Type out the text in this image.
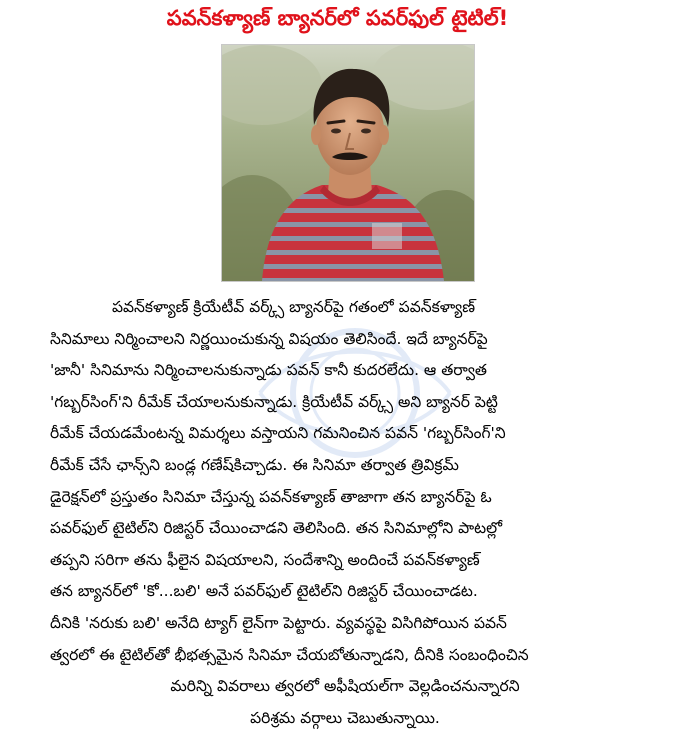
పవన్‌కళ్యాణ్‌ బ్యానర్‌లో పవర్‌ఫుల్‌ టైటిల్‌!
పవన్‌కళ్యాణ్‌ క్రియేటీవ్‌ వర్క్స్‌ బ్యానర్‌పై గతంలో పవన్‌కళ్యాణ్‌
సినిమాలు నిర్మించాలని నిర్ణయించుకున్న విషయం తెలిసిందే. ఇదే బ్యానర్‌పై
'జానీ' సినిమాను నిర్మించాలనుకున్నాడు పవన్‌ కానీ కుదరలేదు. ఆ తర్వాత
'గబ్బర్‌సింగ్‌'ని రీమేక్‌ చేయాలనుకున్నాడు. క్రియేటీవ్‌ వర్క్స్‌ అని బ్యానర్‌ పెట్టి
రీమేక్‌ చేయడమేంటన్న విమర్శలు వస్తాయని గమనించిన పవన్‌ 'గబ్బర్‌సింగ్‌'ని
రీమేక్‌ చేసే ఛాన్స్‌ని బండ్ల గణేష్‌కిచ్చాడు. ఈ సినిమా తర్వాత త్రివిక్రమ్‌
డైరెక్షన్‌లో ప్రస్తుతం సినిమా చేస్తున్న పవన్‌కళ్యాణ్‌ తాజాగా తన బ్యానర్‌పై ఓ
పవర్‌ఫుల్‌ టైటిల్‌ని రిజిస్టర్‌ చేయించాడని తెలిసింది. తన సినిమాల్లోని పాటల్లో
తప్పని సరిగా తను ఫీలైన విషయాలని, సందేశాన్ని అందించే పవన్‌కళ్యాణ్‌
తన బ్యానర్‌లో 'కో...బలి' అనే పవర్‌ఫుల్‌ టైటిల్‌ని రిజిస్టర్‌ చేయించాడట.
దీనికి 'నరుకు బలి' అనేది ట్యాగ్‌ లైన్‌గా పెట్టారు. వ్యవస్థపై విసిగిపోయిన పవన్‌
త్వరలో ఈ టైటిల్‌తో భీభత్సమైన సినిమా చేయబోతున్నాడని, దీనికి సంబంధించిన
మరిన్ని వివరాలు త్వరలో అఫీషియల్‌గా వెల్లడించనున్నారని
పరిశ్రమ వర్గాలు చెబుతున్నాయి.
